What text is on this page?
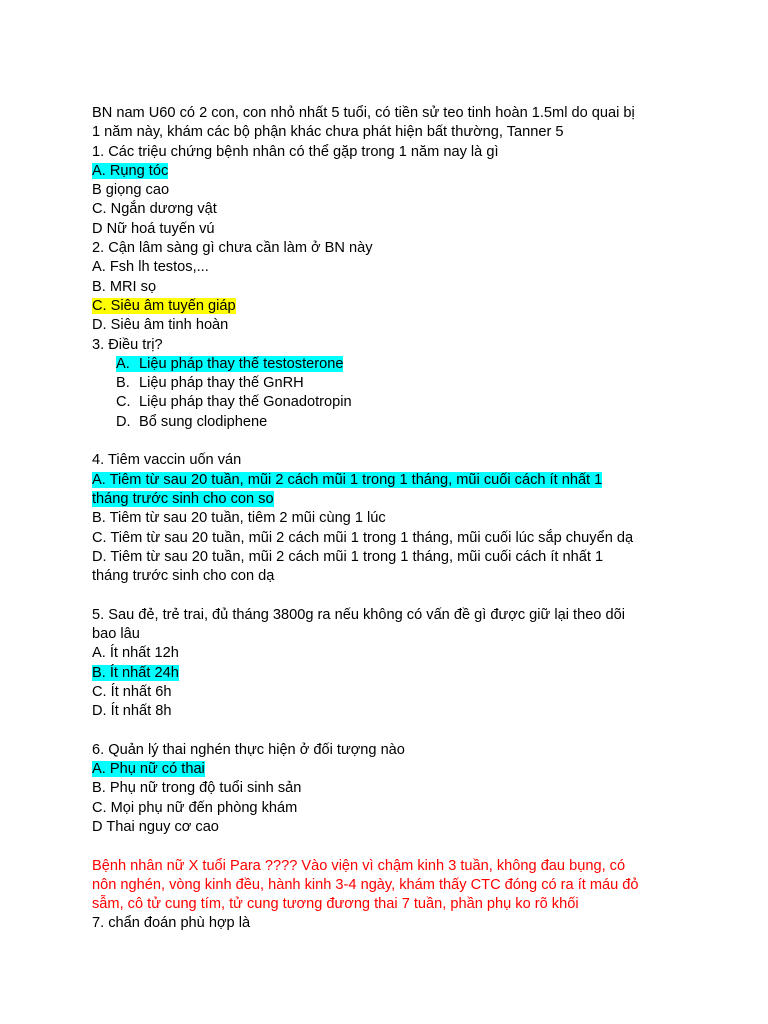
BN nam U60 có 2 con, con nhỏ nhất 5 tuổi, có tiền sử teo tinh hoàn 1.5ml do quai bị
1 năm này, khám các bộ phận khác chưa phát hiện bất thường, Tanner 5
1. Các triệu chứng bệnh nhân có thể gặp trong 1 năm nay là gì
A. Rụng tóc
B giọng cao
C. Ngắn dương vật
D Nữ hoá tuyến vú
2. Cận lâm sàng gì chưa cần làm ở BN này
A. Fsh lh testos,...
B. MRI sọ
C. Siêu âm tuyến giáp
D. Siêu âm tinh hoàn
3. Điều trị?
A. Liệu pháp thay thế testosterone
B. Liệu pháp thay thế GnRH
C. Liệu pháp thay thế Gonadotropin
D. Bổ sung clodiphene
4. Tiêm vaccin uốn ván
A. Tiêm từ sau 20 tuần, mũi 2 cách mũi 1 trong 1 tháng, mũi cuối cách ít nhất 1
tháng trước sinh cho con so
B. Tiêm từ sau 20 tuần, tiêm 2 mũi cùng 1 lúc
C. Tiêm từ sau 20 tuần, mũi 2 cách mũi 1 trong 1 tháng, mũi cuối lúc sắp chuyển dạ
D. Tiêm từ sau 20 tuần, mũi 2 cách mũi 1 trong 1 tháng, mũi cuối cách ít nhất 1
tháng trước sinh cho con dạ
5. Sau đẻ, trẻ trai, đủ tháng 3800g ra nếu không có vấn đề gì được giữ lại theo dõi
bao lâu
A. Ít nhất 12h
B. Ít nhất 24h
C. Ít nhất 6h
D. Ít nhất 8h
6. Quản lý thai nghén thực hiện ở đối tượng nào
A. Phụ nữ có thai
B. Phụ nữ trong độ tuổi sinh sản
C. Mọi phụ nữ đến phòng khám
D Thai nguy cơ cao
Bệnh nhân nữ X tuổi Para ???? Vào viện vì chậm kinh 3 tuần, không đau bụng, có
nôn nghén, vòng kinh đều, hành kinh 3-4 ngày, khám thấy CTC đóng có ra ít máu đỏ
sẫm, cô tử cung tím, tử cung tương đương thai 7 tuần, phần phụ ko rõ khối
7. chẩn đoán phù hợp là
